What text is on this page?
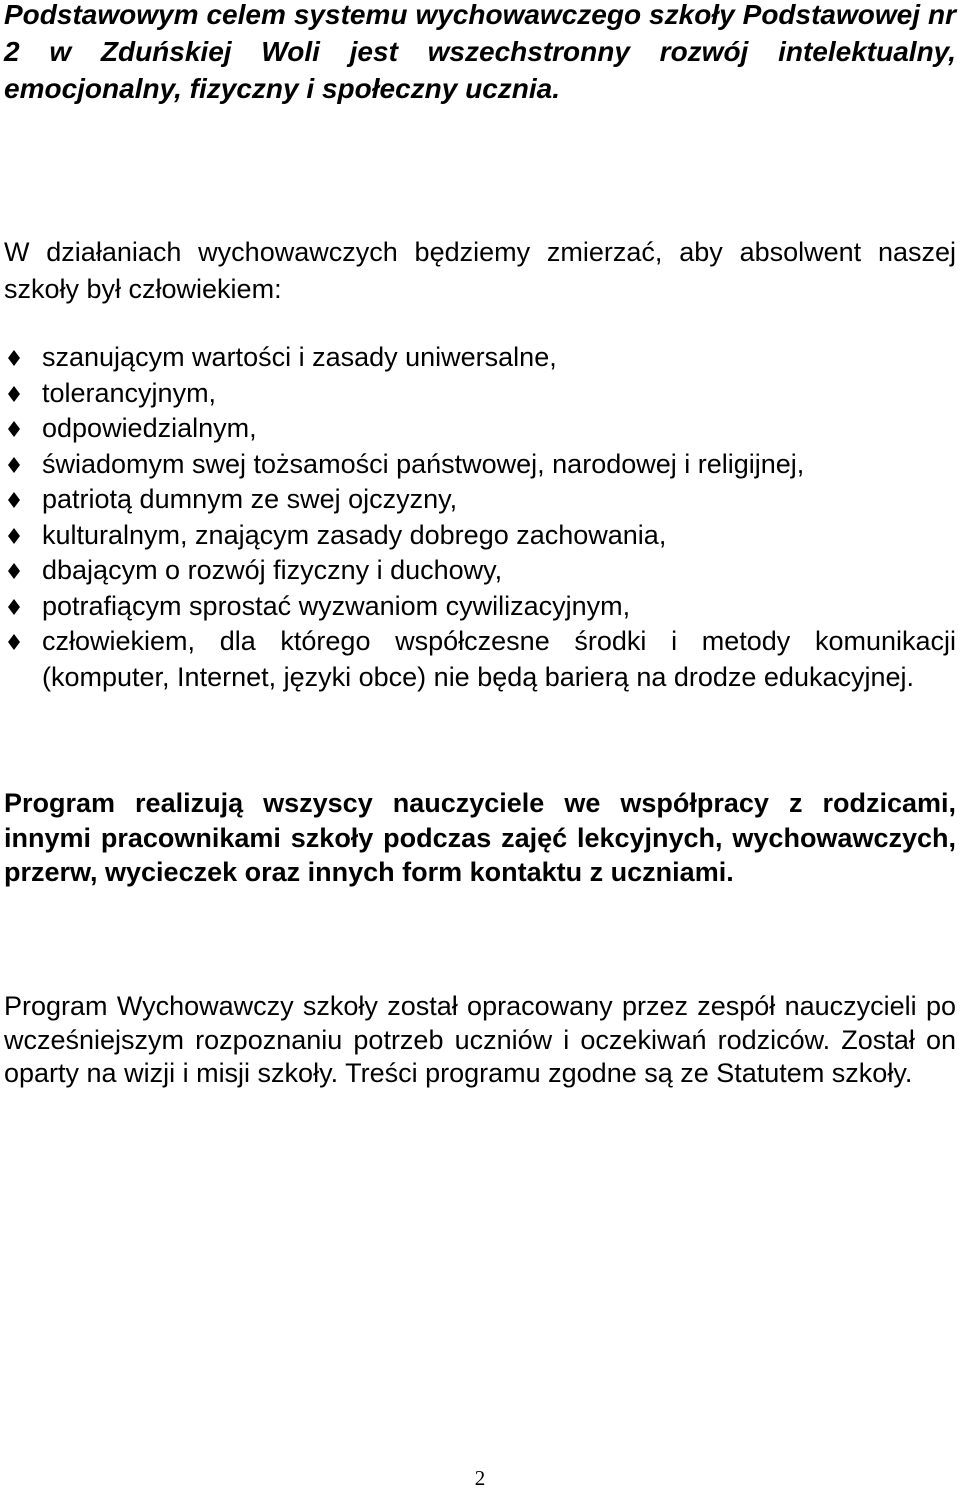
Podstawowym celem systemu wychowawczego szkoły Podstawowej nr 2 w Zduńskiej Woli jest wszechstronny rozwój intelektualny, emocjonalny, fizyczny i społeczny ucznia.

W działaniach wychowawczych będziemy zmierzać, aby absolwent naszej szkoły był człowiekiem:

szanującym wartości i zasady uniwersalne,
tolerancyjnym,
odpowiedzialnym,
świadomym swej tożsamości państwowej, narodowej i religijnej,
patriotą dumnym ze swej ojczyzny,
kulturalnym, znającym zasady dobrego zachowania,
dbającym o rozwój fizyczny i duchowy,
potrafiącym sprostać wyzwaniom cywilizacyjnym,
człowiekiem, dla którego współczesne środki i metody komunikacji (komputer, Internet, języki obce) nie będą barierą na drodze edukacyjnej.

Program realizują wszyscy nauczyciele we współpracy z rodzicami, innymi pracownikami szkoły podczas zajęć lekcyjnych, wychowawczych, przerw, wycieczek oraz innych form kontaktu z uczniami.

Program Wychowawczy szkoły został opracowany przez zespół nauczycieli po wcześniejszym rozpoznaniu potrzeb uczniów i oczekiwań rodziców. Został on oparty na wizji i misji szkoły. Treści programu zgodne są ze Statutem szkoły.

2
